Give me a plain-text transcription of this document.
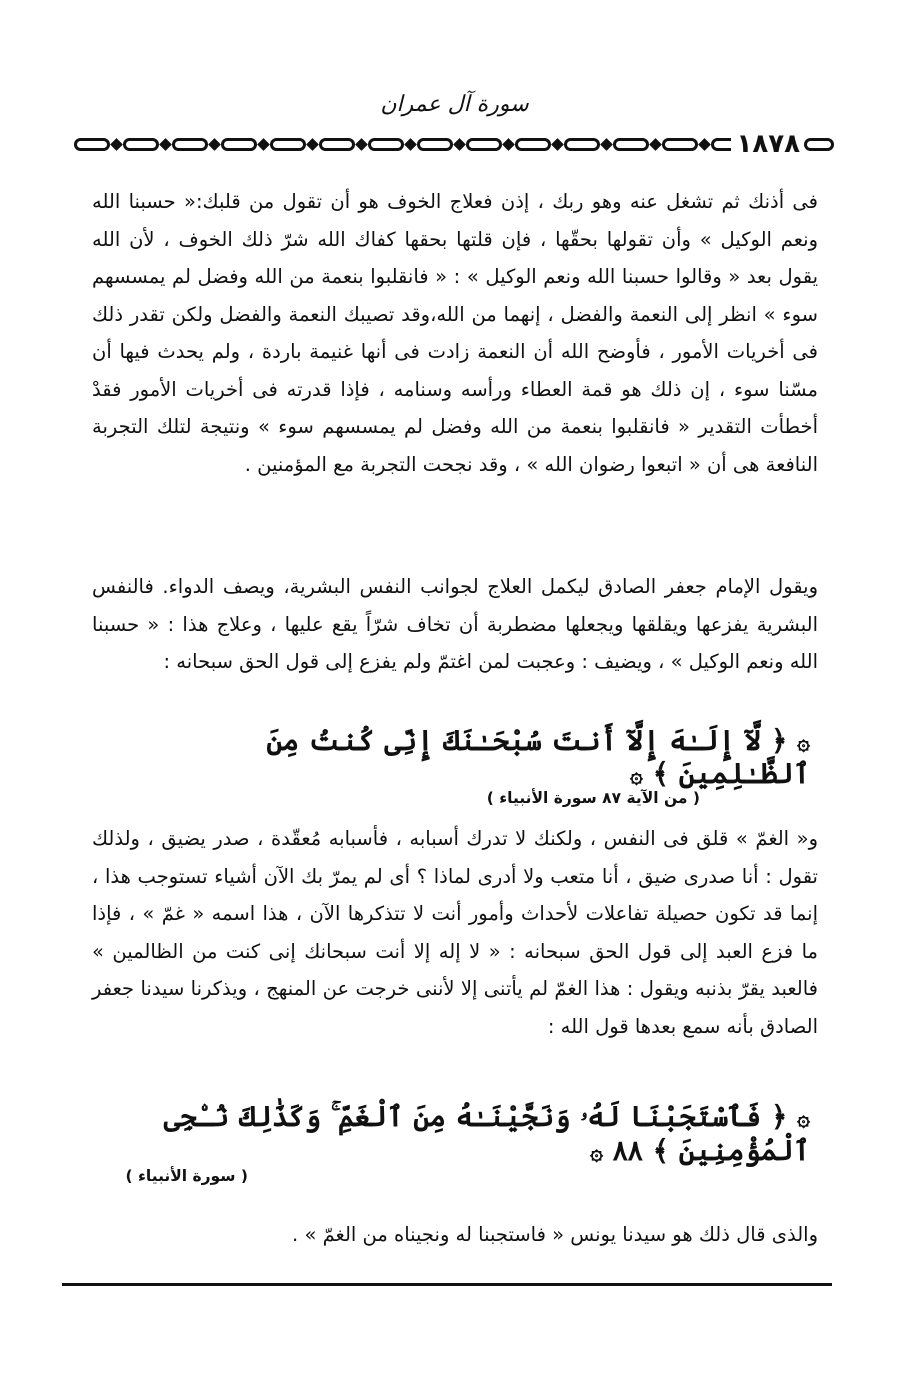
سورة آل عمران
١٨٧٨

فى أذنك ثم تشغل عنه وهو ربك ، إذن فعلاج الخوف هو أن تقول من قلبك:« حسبنا الله ونعم الوكيل » وأن تقولها بحقّها ، فإن قلتها بحقها كفاك الله شرّ ذلك الخوف ، لأن الله يقول بعد « وقالوا حسبنا الله ونعم الوكيل » : « فانقلبوا بنعمة من الله وفضل لم يمسسهم سوء » انظر إلى النعمة والفضل ، إنهما من الله،وقد تصيبك النعمة والفضل ولكن تقدر ذلك فى أخريات الأمور ، فأوضح الله أن النعمة زادت فى أنها غنيمة باردة ، ولم يحدث فيها أن مسّنا سوء ، إن ذلك هو قمة العطاء ورأسه وسنامه ، فإذا قدرته فى أخريات الأمور فقدْ أخطأت التقدير « فانقلبوا بنعمة من الله وفضل لم يمسسهم سوء » ونتيجة لتلك التجربة النافعة هى أن « اتبعوا رضوان الله » ، وقد نجحت التجربة مع المؤمنين .

ويقول الإمام جعفر الصادق ليكمل العلاج لجوانب النفس البشرية، ويصف الدواء. فالنفس البشرية يفزعها ويقلقها ويجعلها مضطربة أن تخاف شرّاً يقع عليها ، وعلاج هذا : « حسبنا الله ونعم الوكيل » ، ويضيف : وعجبت لمن اغتمّ ولم يفزع إلى قول الحق سبحانه :

۞ ﴿ لَّآ إِلَـٰهَ إِلَّآ أَنتَ سُبْحَـٰنَكَ إِنِّى كُنتُ مِنَ ٱلظَّـٰلِمِينَ ﴾ ۞
( من الآية ٨٧ سورة الأنبياء )

و« الغمّ » قلق فى النفس ، ولكنك لا تدرك أسبابه ، فأسبابه مُعقّدة ، صدر يضيق ، ولذلك تقول : أنا صدرى ضيق ، أنا متعب ولا أدرى لماذا ؟ أى لم يمرّ بك الآن أشياء تستوجب هذا ، إنما قد تكون حصيلة تفاعلات لأحداث وأمور أنت لا تتذكرها الآن ، هذا اسمه « غمّ » ، فإذا ما فزع العبد إلى قول الحق سبحانه : « لا إله إلا أنت سبحانك إنى كنت من الظالمين » فالعبد يقرّ بذنبه ويقول : هذا الغمّ لم يأتنى إلا لأننى خرجت عن المنهج ، ويذكرنا سيدنا جعفر الصادق بأنه سمع بعدها قول الله :

۞ ﴿ فَٱسْتَجَبْنَا لَهُۥ وَنَجَّيْنَـٰهُ مِنَ ٱلْغَمِّ ۚ وَكَذَٰلِكَ نُـۨجِى ٱلْمُؤْمِنِينَ ﴾ ٨٨ ۞
( سورة الأنبياء )

والذى قال ذلك هو سيدنا يونس « فاستجبنا له ونجيناه من الغمّ » .
